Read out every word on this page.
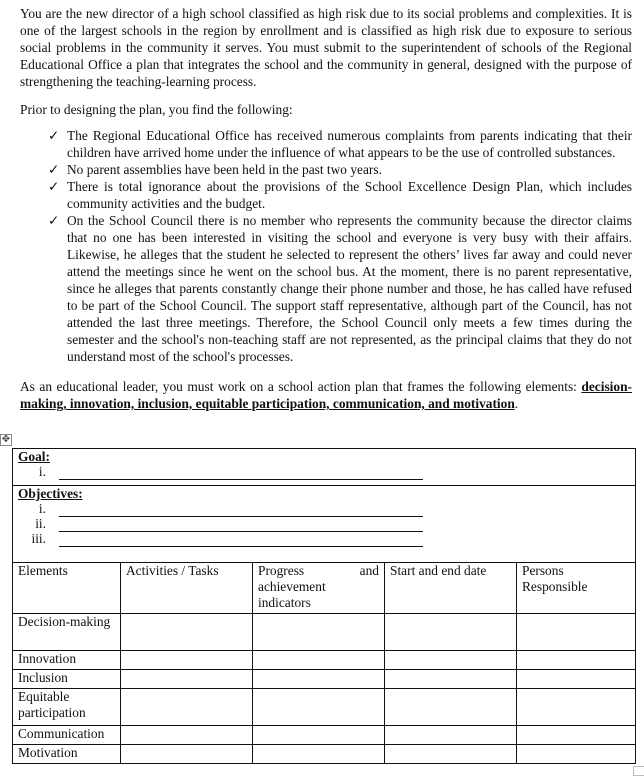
You are the new director of a high school classified as high risk due to its social problems and complexities. It is one of the largest schools in the region by enrollment and is classified as high risk due to exposure to serious social problems in the community it serves. You must submit to the superintendent of schools of the Regional Educational Office a plan that integrates the school and the community in general, designed with the purpose of strengthening the teaching-learning process.

Prior to designing the plan, you find the following:

✓ The Regional Educational Office has received numerous complaints from parents indicating that their children have arrived home under the influence of what appears to be the use of controlled substances.
✓ No parent assemblies have been held in the past two years.
✓ There is total ignorance about the provisions of the School Excellence Design Plan, which includes community activities and the budget.
✓ On the School Council there is no member who represents the community because the director claims that no one has been interested in visiting the school and everyone is very busy with their affairs. Likewise, he alleges that the student he selected to represent the others’ lives far away and could never attend the meetings since he went on the school bus. At the moment, there is no parent representative, since he alleges that parents constantly change their phone number and those, he has called have refused to be part of the School Council. The support staff representative, although part of the Council, has not attended the last three meetings. Therefore, the School Council only meets a few times during the semester and the school's non-teaching staff are not represented, as the principal claims that they do not understand most of the school's processes.

As an educational leader, you must work on a school action plan that frames the following elements: decision-making, innovation, inclusion, equitable participation, communication, and motivation.

✥
Goal:
i.				

Objectives:
i.
ii.
iii.				

Elements	Activities / Tasks	Progress and
achievement indicators	Start and end date	Persons Responsible
Decision-making				
Innovation				
Inclusion				
Equitable participation				
Communication				
Motivation				
